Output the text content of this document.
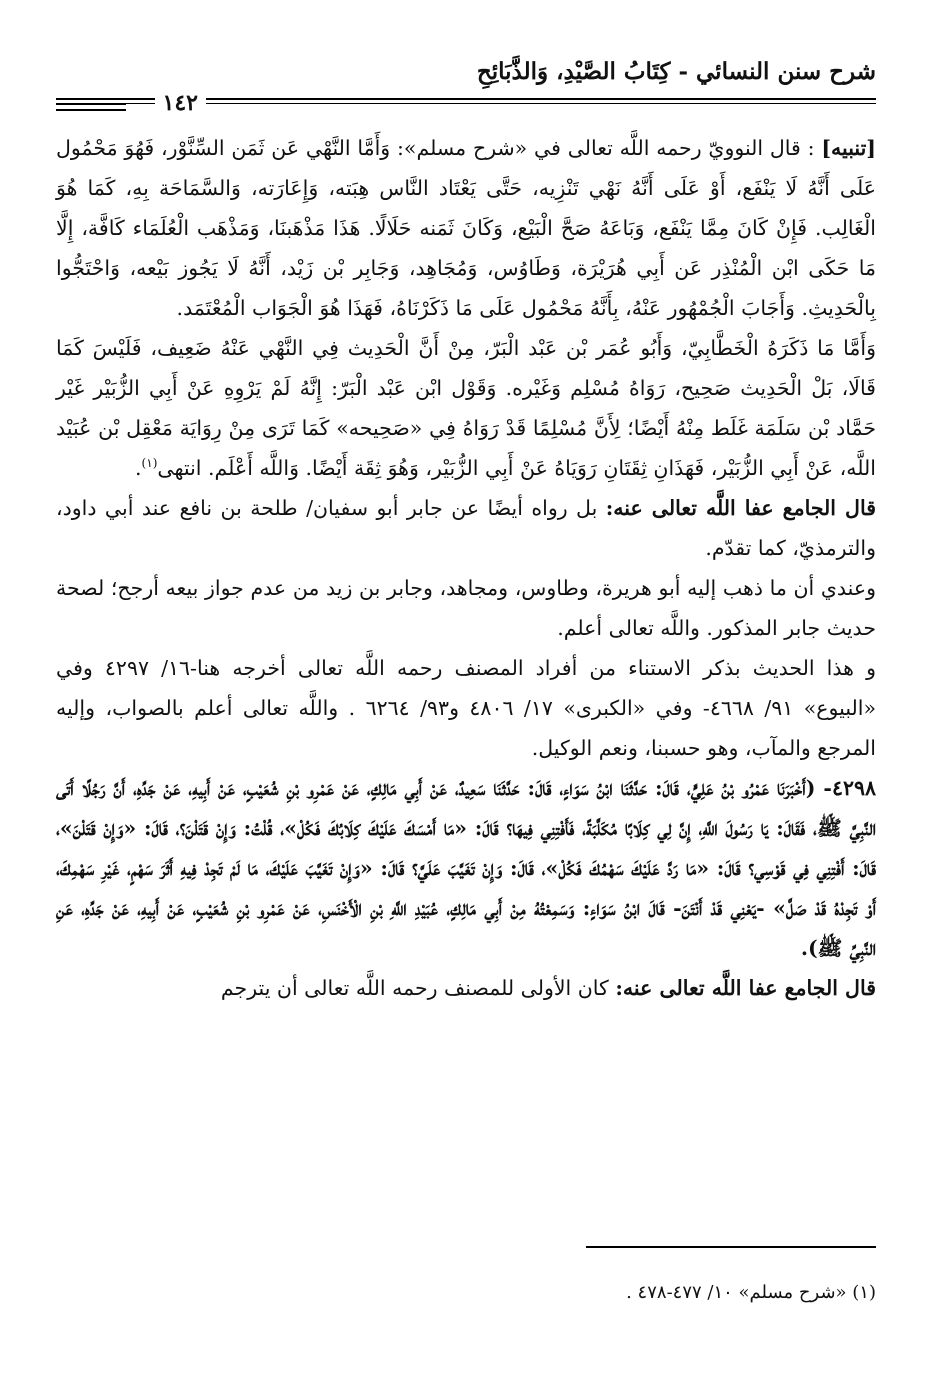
شرح سنن النسائي - كِتَابُ الصَّيْدِ، وَالذَّبَائِحِ
١٤٢

[تنبيه] : قال النوويّ رحمه اللَّه تعالى في «شرح مسلم»: وَأَمَّا النَّهْي عَن ثَمَن السِّنَّوْر، فَهُوَ مَحْمُول عَلَى أَنَّهُ لَا يَنْفَع، أَوْ عَلَى أَنَّهُ نَهْي تَنْزِيه، حَتَّى يَعْتَاد النَّاس هِبَته، وَإِعَارَته، وَالسَّمَاحَة بِهِ، كَمَا هُوَ الْغَالِب. فَإِنْ كَانَ مِمَّا يَنْفَع، وَبَاعَهُ صَحَّ الْبَيْع، وَكَانَ ثَمَنه حَلَالًا. هَذَا مَذْهَبنَا، وَمَذْهَب الْعُلَمَاء كَافَّة، إِلَّا مَا حَكَى ابْن الْمُنْذِر عَن أَبِي هُرَيْرَة، وَطَاوُس، وَمُجَاهِد، وَجَابِر بْن زَيْد، أَنَّهُ لَا يَجُوز بَيْعه، وَاحْتَجُّوا بِالْحَدِيثِ. وَأَجَابَ الْجُمْهُور عَنْهُ، بِأَنَّهُ مَحْمُول عَلَى مَا ذَكَرْنَاهُ، فَهَذَا هُوَ الْجَوَاب الْمُعْتَمَد.

وَأَمَّا مَا ذَكَرَهُ الْخَطَّابِيّ، وَأَبُو عُمَر بْن عَبْد الْبَرّ، مِنْ أَنَّ الْحَدِيث فِي النَّهْي عَنْهُ ضَعِيف، فَلَيْسَ كَمَا قَالَا، بَلْ الْحَدِيث صَحِيح، رَوَاهُ مُسْلِم وَغَيْره. وَقَوْل ابْن عَبْد الْبَرّ: إِنَّهُ لَمْ يَرْوِهِ عَنْ أَبِي الزُّبَيْر غَيْر حَمَّاد بْن سَلَمَة غَلَط مِنْهُ أَيْضًا؛ لِأَنَّ مُسْلِمًا قَدْ رَوَاهُ فِي «صَحِيحه» كَمَا تَرَى مِنْ رِوَايَة مَعْقِل بْن عُبَيْد اللَّه، عَنْ أَبِي الزُّبَيْر، فَهَذَانِ ثِقَتَانِ رَوَيَاهُ عَنْ أَبِي الزُّبَيْر، وَهُوَ ثِقَة أَيْضًا. وَاللَّه أَعْلَم. انتهى$^{(١)}$.

قال الجامع عفا اللَّه تعالى عنه: بل رواه أيضًا عن جابر أبو سفيان/ طلحة بن نافع عند أبي داود، والترمذيّ، كما تقدّم.

وعندي أن ما ذهب إليه أبو هريرة، وطاوس، ومجاهد، وجابر بن زيد من عدم جواز بيعه أرجح؛ لصحة حديث جابر المذكور. واللَّه تعالى أعلم.

و هذا الحديث بذكر الاستناء من أفراد المصنف رحمه اللَّه تعالى أخرجه هنا-١٦/ ٤٢٩٧ وفي «البيوع» ٩١/ ٤٦٦٨- وفي «الكبرى» ١٧/ ٤٨٠٦ و٩٣/ ٦٢٦٤ . واللَّه تعالى أعلم بالصواب، وإليه المرجع والمآب، وهو حسبنا، ونعم الوكيل.

٤٢٩٨- (أَخْبَرَنَا عَمْرُو بْنُ عَلِيٍّ، قَالَ: حَدَّثَنَا ابْنُ سَوَاءٍ، قَالَ: حَدَّثَنَا سَعِيدٌ، عَنْ أَبِي مَالِكٍ، عَنْ عَمْرِو بْنِ شُعَيْبٍ، عَنْ أَبِيهِ، عَنْ جَدِّهِ، أَنَّ رَجُلًا أَتَى النَّبِيَّ ﷺ، فَقَالَ: يَا رَسُولَ اللَّهِ، إِنَّ لِي كِلَابًا مُكَلَّبَةً، فَأَفْتِنِي فِيهَا؟ قَالَ: «مَا أَمْسَكَ عَلَيْكَ كِلَابُكَ فَكُلْ»، قُلْتُ: وَإِنْ قَتَلْنَ؟، قَالَ: «وَإِنْ قَتَلْنَ»، قَالَ: أَفْتِنِي فِي قَوْسِي؟ قَالَ: «مَا رَدَّ عَلَيْكَ سَهْمُكَ فَكُلْ»، قَالَ: وَإِنْ تَغَيَّبَ عَلَيَّ؟ قَالَ: «وَإِنْ تَغَيَّبَ عَلَيْكَ، مَا لَمْ تَجِدْ فِيهِ أَثَرَ سَهْمٍ، غَيْرِ سَهْمِكَ، أَوْ تَجِدْهُ قَدْ صَلَّ» -يَعْنِي قَدْ أَنْتَنَ- قَالَ ابْنُ سَوَاءٍ: وَسَمِعْتُهُ مِنْ أَبِي مَالِكٍ، عُبَيْدِ اللَّهِ بْنِ الْأَخْنَسِ، عَنْ عَمْرِو بْنِ شُعَيْبٍ، عَنْ أَبِيهِ، عَنْ جَدِّهِ، عَنِ النَّبِيِّ ﷺ).

قال الجامع عفا اللَّه تعالى عنه: كان الأولى للمصنف رحمه اللَّه تعالى أن يترجم

(١) «شرح مسلم» ١٠/ ٤٧٧-٤٧٨ .
